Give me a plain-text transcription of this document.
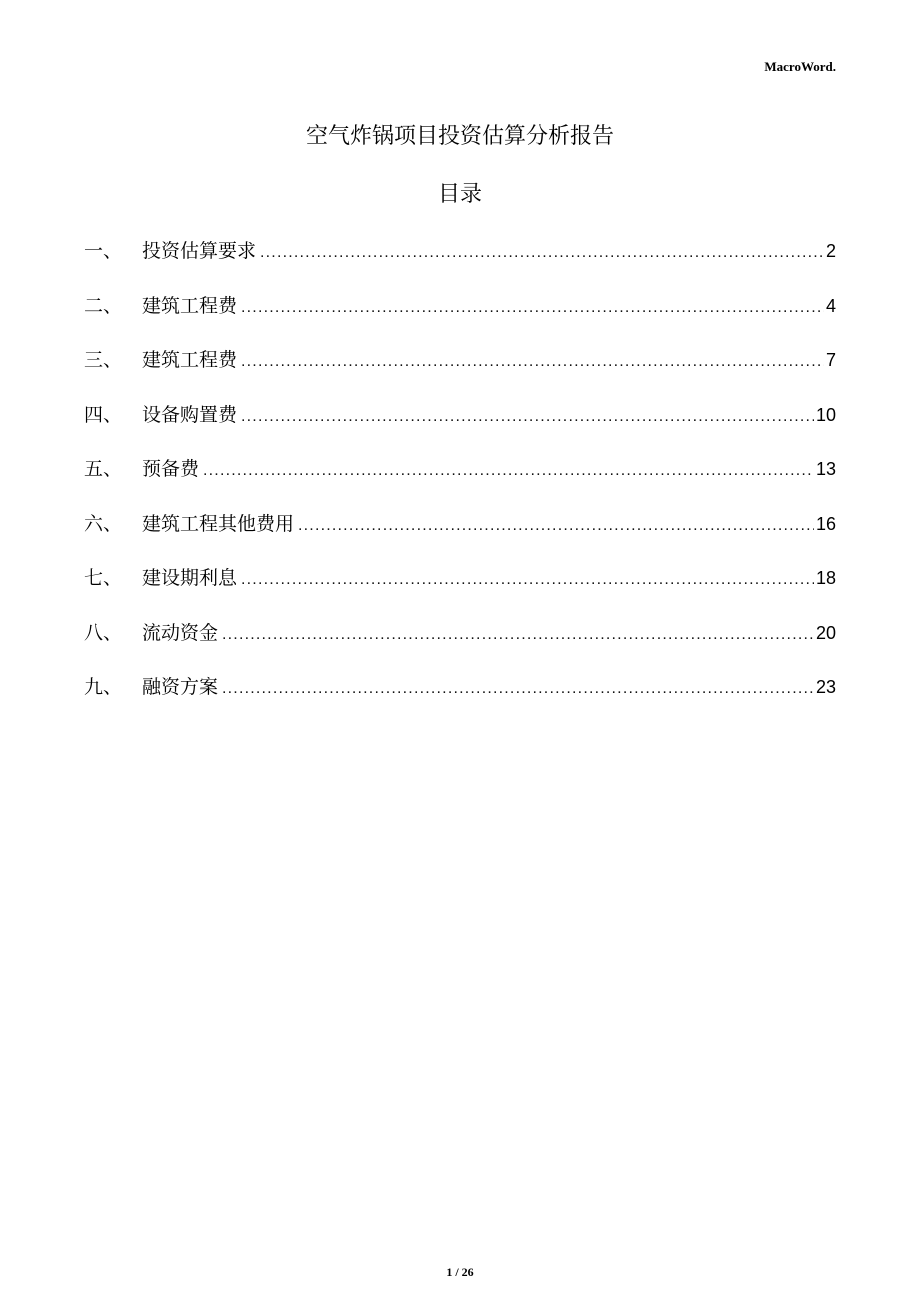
MacroWord.
空气炸锅项目投资估算分析报告
目录
一、	投资估算要求 .....	2
二、	建筑工程费 .....	4
三、	建筑工程费 .....	7
四、	设备购置费 .....	10
五、	预备费 .....	13
六、	建筑工程其他费用 .....	16
七、	建设期利息 .....	18
八、	流动资金 .....	20
九、	融资方案 .....	23
1 / 26
